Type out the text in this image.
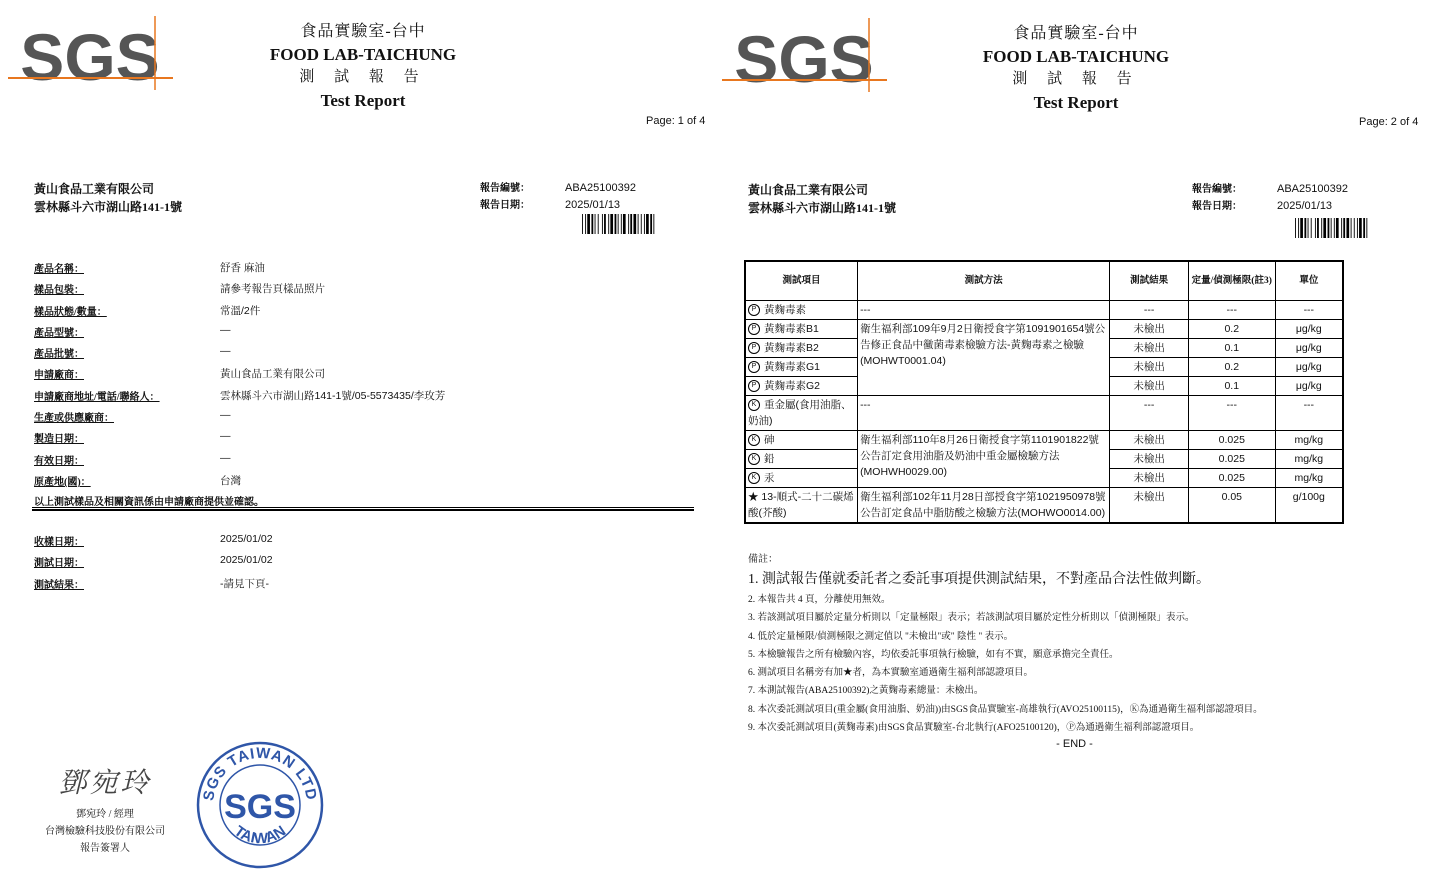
SGS	食品實驗室-台中
FOOD LAB-TAICHUNG
測 試 報 告
Test Report
Page: 1 of 4
黃山食品工業有限公司
雲林縣斗六市湖山路141-1號
報告編號：	ABA25100392
報告日期：	2025/01/13
產品名稱：	舒香 麻油
樣品包裝：	請參考報告頁樣品照片
樣品狀態/數量：	常溫/2件
產品型號：	—
產品批號：	—
申請廠商：	黃山食品工業有限公司
申請廠商地址/電話/聯絡人：	雲林縣斗六市湖山路141-1號/05-5573435/李玫芳
生產或供應廠商：	—
製造日期：	—
有效日期：	—
原產地(國)：	台灣
以上測試樣品及相關資訊係由申請廠商提供並確認。
收樣日期：	2025/01/02
測試日期：	2025/01/02
測試結果：	-請見下頁-
鄧宛玲
鄧宛玲 / 經理
台灣檢驗科技股份有限公司
報告簽署人
SGS TAIWAN LTD
SGS
TAIWAN
SGS	食品實驗室-台中
FOOD LAB-TAICHUNG
測 試 報 告
Test Report
Page: 2 of 4
黃山食品工業有限公司
雲林縣斗六市湖山路141-1號
報告編號：	ABA25100392
報告日期：	2025/01/13
測試項目	測試方法	測試結果	定量/偵測極限(註3)	單位
P 黃麴毒素	---	---	---	---
P 黃麴毒素B1	衛生福利部109年9月2日衛授食字第1091901654號公告修正食品中黴菌毒素檢驗方法-黃麴毒素之檢驗(MOHWT0001.04)	未檢出	0.2	μg/kg
P 黃麴毒素B2		未檢出	0.1	μg/kg
P 黃麴毒素G1		未檢出	0.2	μg/kg
P 黃麴毒素G2		未檢出	0.1	μg/kg
K 重金屬(食用油脂、奶油)	---	---	---	---
K 砷	衛生福利部110年8月26日衛授食字第1101901822號公告訂定食用油脂及奶油中重金屬檢驗方法(MOHWH0029.00)	未檢出	0.025	mg/kg
K 鉛		未檢出	0.025	mg/kg
K 汞		未檢出	0.025	mg/kg
★ 13-順式-二十二碳烯酸(芥酸)	衛生福利部102年11月28日部授食字第1021950978號公告訂定食品中脂肪酸之檢驗方法(MOHWO0014.00)	未檢出	0.05	g/100g
備註：
1. 測試報告僅就委託者之委託事項提供測試結果，不對產品合法性做判斷。
2. 本報告共 4 頁，分離使用無效。
3. 若該測試項目屬於定量分析則以「定量極限」表示；若該測試項目屬於定性分析則以「偵測極限」表示。
4. 低於定量極限/偵測極限之測定值以 "未檢出"或" 陰性 " 表示。
5. 本檢驗報告之所有檢驗內容，均依委託事項執行檢驗，如有不實，願意承擔完全責任。
6. 測試項目名稱旁有加★者，為本實驗室通過衛生福利部認證項目。
7. 本測試報告(ABA25100392)之黃麴毒素總量：未檢出。
8. 本次委託測試項目(重金屬(食用油脂、奶油))由SGS食品實驗室-高雄執行(AVO25100115)，Ⓚ為通過衛生福利部認證項目。
9. 本次委託測試項目(黃麴毒素)由SGS食品實驗室-台北執行(AFO25100120)，Ⓟ為通過衛生福利部認證項目。
- END -
